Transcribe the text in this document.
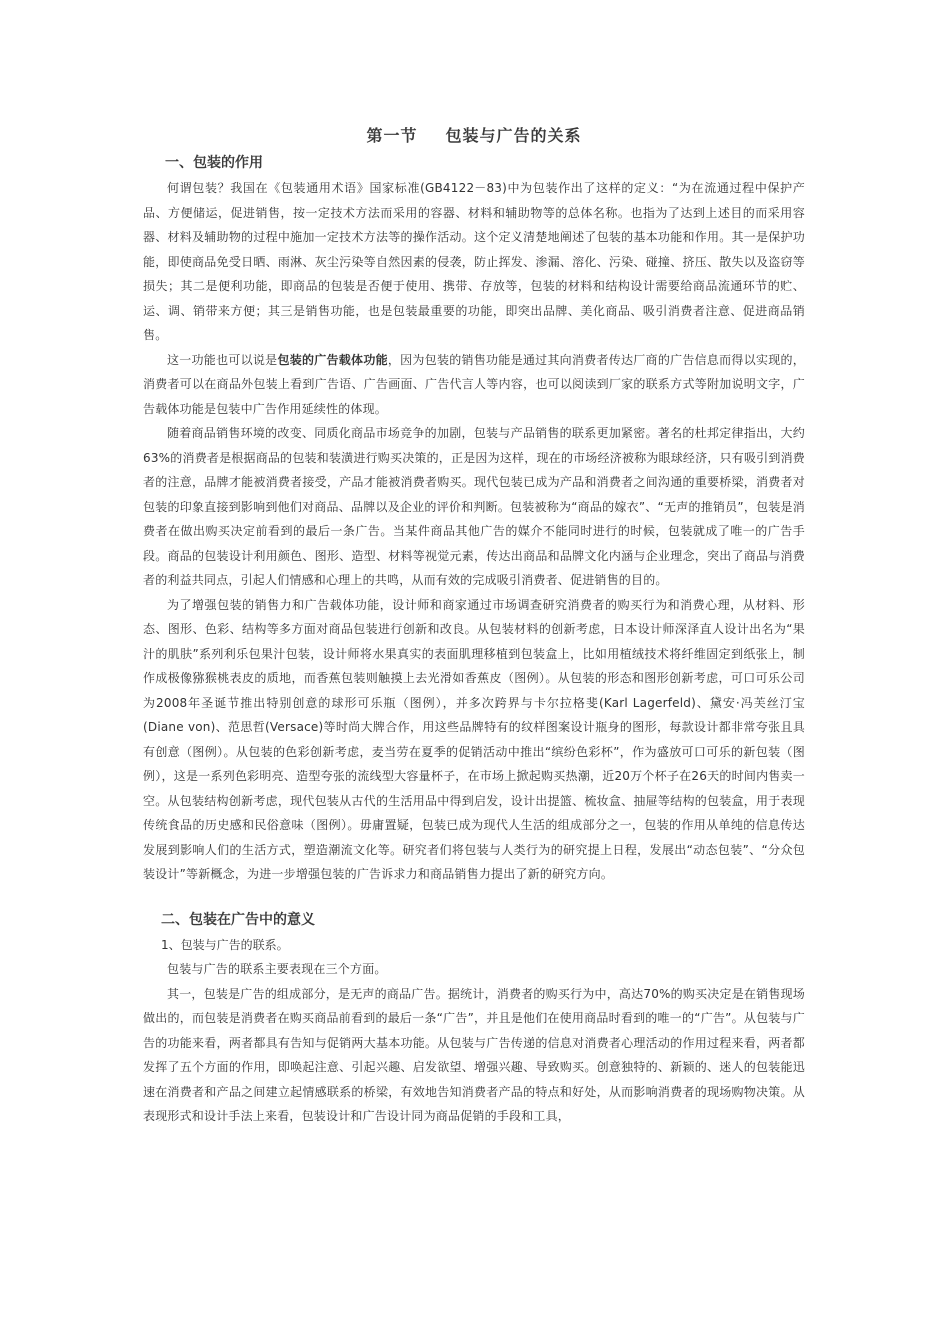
第一节 包装与广告的关系
一、包装的作用

何谓包装？我国在《包装通用术语》国家标准(GB4122－83)中为包装作出了这样的定义：“为在流通过程中保护产品、方便储运，促进销售，按一定技术方法而采用的容器、材料和辅助物等的总体名称。也指为了达到上述目的而采用容器、材料及辅助物的过程中施加一定技术方法等的操作活动。这个定义清楚地阐述了包装的基本功能和作用。其一是保护功能，即使商品免受日晒、雨淋、灰尘污染等自然因素的侵袭，防止挥发、渗漏、溶化、污染、碰撞、挤压、散失以及盗窃等损失；其二是便利功能，即商品的包装是否便于使用、携带、存放等，包装的材料和结构设计需要给商品流通环节的贮、运、调、销带来方便；其三是销售功能，也是包装最重要的功能，即突出品牌、美化商品、吸引消费者注意、促进商品销售。

这一功能也可以说是包装的广告载体功能，因为包装的销售功能是通过其向消费者传达厂商的广告信息而得以实现的，消费者可以在商品外包装上看到广告语、广告画面、广告代言人等内容，也可以阅读到厂家的联系方式等附加说明文字，广告载体功能是包装中广告作用延续性的体现。

随着商品销售环境的改变、同质化商品市场竞争的加剧，包装与产品销售的联系更加紧密。著名的杜邦定律指出，大约63%的消费者是根据商品的包装和装潢进行购买决策的，正是因为这样，现在的市场经济被称为眼球经济，只有吸引到消费者的注意，品牌才能被消费者接受，产品才能被消费者购买。现代包装已成为产品和消费者之间沟通的重要桥梁，消费者对包装的印象直接到影响到他们对商品、品牌以及企业的评价和判断。包装被称为“商品的嫁衣”、“无声的推销员”，包装是消费者在做出购买决定前看到的最后一条广告。当某件商品其他广告的媒介不能同时进行的时候，包装就成了唯一的广告手段。商品的包装设计利用颜色、图形、造型、材料等视觉元素，传达出商品和品牌文化内涵与企业理念，突出了商品与消费者的利益共同点，引起人们情感和心理上的共鸣，从而有效的完成吸引消费者、促进销售的目的。

为了增强包装的销售力和广告载体功能，设计师和商家通过市场调查研究消费者的购买行为和消费心理，从材料、形态、图形、色彩、结构等多方面对商品包装进行创新和改良。从包装材料的创新考虑，日本设计师深泽直人设计出名为“果汁的肌肤”系列利乐包果汁包装，设计师将水果真实的表面肌理移植到包装盒上，比如用植绒技术将纤维固定到纸张上，制作成极像猕猴桃表皮的质地，而香蕉包装则触摸上去光滑如香蕉皮（图例）。从包装的形态和图形创新考虑，可口可乐公司为2008年圣诞节推出特别创意的球形可乐瓶（图例），并多次跨界与卡尔拉格斐(Karl Lagerfeld)、黛安·冯芙丝汀宝(Diane von)、范思哲(Versace)等时尚大牌合作，用这些品牌特有的纹样图案设计瓶身的图形，每款设计都非常夸张且具有创意（图例）。从包装的色彩创新考虑，麦当劳在夏季的促销活动中推出“缤纷色彩杯”，作为盛放可口可乐的新包装（图例），这是一系列色彩明亮、造型夸张的流线型大容量杯子，在市场上掀起购买热潮，近20万个杯子在26天的时间内售卖一空。从包装结构创新考虑，现代包装从古代的生活用品中得到启发，设计出提篮、梳妆盒、抽屉等结构的包装盒，用于表现传统食品的历史感和民俗意味（图例）。毋庸置疑，包装已成为现代人生活的组成部分之一，包装的作用从单纯的信息传达发展到影响人们的生活方式，塑造潮流文化等。研究者们将包装与人类行为的研究提上日程，发展出“动态包装”、“分众包装设计”等新概念，为进一步增强包装的广告诉求力和商品销售力提出了新的研究方向。

二、包装在广告中的意义
1、包装与广告的联系。

包装与广告的联系主要表现在三个方面。

其一，包装是广告的组成部分，是无声的商品广告。据统计，消费者的购买行为中，高达70%的购买决定是在销售现场做出的，而包装是消费者在购买商品前看到的最后一条“广告”，并且是他们在使用商品时看到的唯一的“广告”。从包装与广告的功能来看，两者都具有告知与促销两大基本功能。从包装与广告传递的信息对消费者心理活动的作用过程来看，两者都发挥了五个方面的作用，即唤起注意、引起兴趣、启发欲望、增强兴趣、导致购买。创意独特的、新颖的、迷人的包装能迅速在消费者和产品之间建立起情感联系的桥梁，有效地告知消费者产品的特点和好处，从而影响消费者的现场购物决策。从表现形式和设计手法上来看，包装设计和广告设计同为商品促销的手段和工具，
